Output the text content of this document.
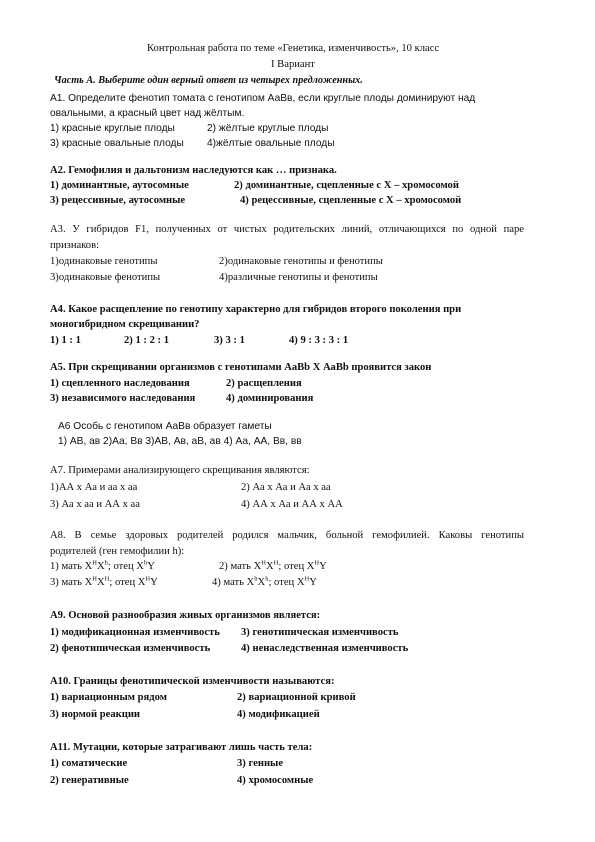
Контрольная работа по теме «Генетика, изменчивость», 10 класс
I Вариант
Часть А. Выберите один верный ответ из четырех предложенных.
А1. Определите фенотип томата с генотипом АаВв, если круглые плоды доминируют над
овальными, а красный цвет над жёлтым.
1) красные круглые плоды	2) жёлтые круглые плоды
3) красные овальные плоды 4)жёлтые овальные плоды
А2. Гемофилия и дальтонизм наследуются как … признака.
1) доминантные, аутосомные	2) доминантные, сцепленные с Х – хромосомой
3) рецессивные, аутосомные	4) рецессивные, сцепленные с Х – хромосомой
А3. У гибридов F1, полученных от чистых родительских линий, отличающихся по одной паре
признаков:
1)одинаковые генотипы	2)одинаковые генотипы и фенотипы
3)одинаковые фенотипы	4)различные генотипы и фенотипы
А4. Какое расщепление по генотипу характерно для гибридов второго поколения при
моногибридном скрещивании?
1) 1 : 1	2) 1 : 2 : 1	3) 3 : 1	4) 9 : 3 : 3 : 1
А5. При скрещивании организмов с генотипами АаВb Х АаВb проявится закон
1) сцепленного наследования	2) расщепления
3) независимого наследования	4) доминирования
А6 Особь с генотипом АаВв образует гаметы
1) АВ, ав 2)Аа, Вв 3)АВ, Ав, аВ, ав 4) Аа, АА, Вв, вв
А7. Примерами анализирующего скрещивания являются:
1)АА х Аа и аа х аа	2) Аа х Аа и Аа х аа
3) Аа х аа и АА х аа	4) АА х Аа и АА х АА
А8. В семье здоровых родителей родился мальчик, больной гемофилией. Каковы генотипы
родителей (ген гемофилии h):
1) мать $Х^HХ^h$; отец $Х^hY$	2) мать $Х^HХ^H$; отец $Х^HY$
3) мать $Х^HХ^H$; отец $Х^HY$	4) мать $Х^hХ^h$; отец $Х^HY$
А9. Основой разнообразия живых организмов является:
1) модификационная изменчивость 3) генотипическая изменчивость
2) фенотипическая изменчивость	4) ненаследственная изменчивость
А10. Границы фенотипической изменчивости называются:
1) вариационным рядом	2) вариационной кривой
3) нормой реакции	4) модификацией
А11. Мутации, которые затрагивают лишь часть тела:
1) соматические	3) генные
2) генеративные	4) хромосомные
